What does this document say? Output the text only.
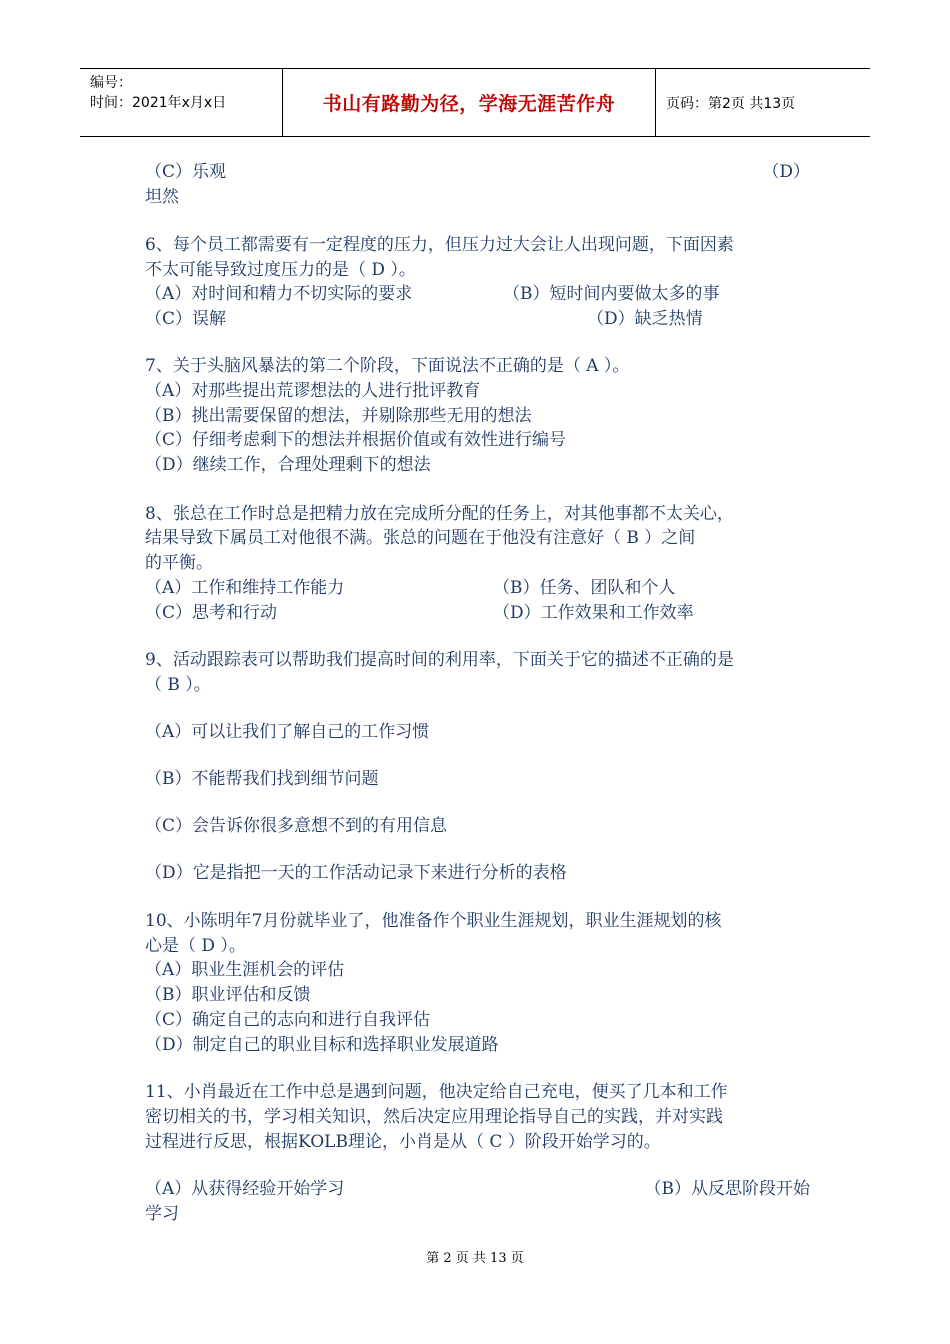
编号：
时间：2021年x月x日	书山有路勤为径，学海无涯苦作舟	页码：第2页 共13页
（C）乐观	（D）
坦然
6、每个员工都需要有一定程度的压力，但压力过大会让人出现问题，下面因素
不太可能导致过度压力的是（ D ）。
（A）对时间和精力不切实际的要求	（B）短时间内要做太多的事
（C）误解	（D）缺乏热情
7、关于头脑风暴法的第二个阶段，下面说法不正确的是（ A ）。
（A）对那些提出荒谬想法的人进行批评教育
（B）挑出需要保留的想法，并剔除那些无用的想法
（C）仔细考虑剩下的想法并根据价值或有效性进行编号
（D）继续工作，合理处理剩下的想法
8、张总在工作时总是把精力放在完成所分配的任务上，对其他事都不太关心，
结果导致下属员工对他很不满。张总的问题在于他没有注意好（ B ）之间
的平衡。
（A）工作和维持工作能力	（B）任务、团队和个人
（C）思考和行动	（D）工作效果和工作效率
9、活动跟踪表可以帮助我们提高时间的利用率，下面关于它的描述不正确的是
（ B ）。
（A）可以让我们了解自己的工作习惯
（B）不能帮我们找到细节问题
（C）会告诉你很多意想不到的有用信息
（D）它是指把一天的工作活动记录下来进行分析的表格
10、小陈明年7月份就毕业了，他准备作个职业生涯规划，职业生涯规划的核
心是（ D ）。
（A）职业生涯机会的评估
（B）职业评估和反馈
（C）确定自己的志向和进行自我评估
（D）制定自己的职业目标和选择职业发展道路
11、小肖最近在工作中总是遇到问题，他决定给自己充电，便买了几本和工作
密切相关的书，学习相关知识，然后决定应用理论指导自己的实践，并对实践
过程进行反思，根据KOLB理论，小肖是从（ C ）阶段开始学习的。
（A）从获得经验开始学习	（B）从反思阶段开始
学习
第 2 页 共 13 页
